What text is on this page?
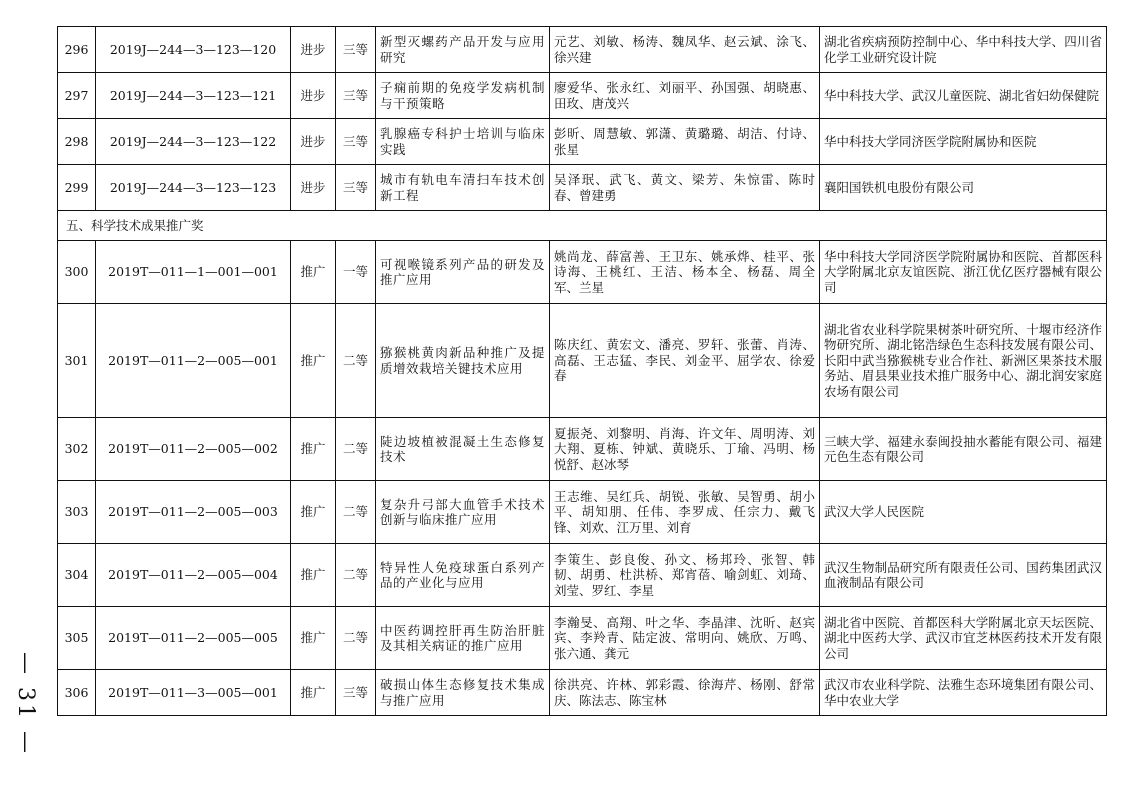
296	2019J—244—3—123—120	进步	三等	新型灭螺药产品开发与应用研究	元艺、刘敏、杨涛、魏凤华、赵云斌、涂飞、徐兴建	湖北省疾病预防控制中心、华中科技大学、四川省化学工业研究设计院
297	2019J—244—3—123—121	进步	三等	子痫前期的免疫学发病机制与干预策略	廖爱华、张永红、刘丽平、孙国强、胡晓惠、田玫、唐茂兴	华中科技大学、武汉儿童医院、湖北省妇幼保健院
298	2019J—244—3—123—122	进步	三等	乳腺癌专科护士培训与临床实践	彭昕、周慧敏、郭潇、黄璐璐、胡洁、付诗、张星	华中科技大学同济医学院附属协和医院
299	2019J—244—3—123—123	进步	三等	城市有轨电车清扫车技术创新工程	吴泽珉、武飞、黄文、梁芳、朱惊雷、陈时春、曾建勇	襄阳国铁机电股份有限公司
五、科学技术成果推广奖						
300	2019T—011—1—001—001	推广	一等	可视喉镜系列产品的研发及推广应用	姚尚龙、薛富善、王卫东、姚承烨、桂平、张诗海、王桃红、王洁、杨本全、杨磊、周全军、兰星	华中科技大学同济医学院附属协和医院、首都医科大学附属北京友谊医院、浙江优亿医疗器械有限公司
301	2019T—011—2—005—001	推广	二等	猕猴桃黄肉新品种推广及提质增效栽培关键技术应用	陈庆红、黄宏文、潘亮、罗轩、张蕾、肖涛、高磊、王志猛、李民、刘金平、屈学农、徐爱春	湖北省农业科学院果树茶叶研究所、十堰市经济作物研究所、湖北铭浩绿色生态科技发展有限公司、长阳中武当猕猴桃专业合作社、新洲区果茶技术服务站、眉县果业技术推广服务中心、湖北润安家庭农场有限公司
302	2019T—011—2—005—002	推广	二等	陡边坡植被混凝土生态修复技术	夏振尧、刘黎明、肖海、许文年、周明涛、刘大翔、夏栋、钟斌、黄晓乐、丁瑜、冯明、杨悦舒、赵冰琴	三峡大学、福建永泰闽投抽水蓄能有限公司、福建元色生态有限公司
303	2019T—011—2—005—003	推广	二等	复杂升弓部大血管手术技术创新与临床推广应用	王志维、吴红兵、胡锐、张敏、吴智勇、胡小平、胡知朋、任伟、李罗成、任宗力、戴飞锋、刘欢、江万里、刘育	武汉大学人民医院
304	2019T—011—2—005—004	推广	二等	特异性人免疫球蛋白系列产品的产业化与应用	李策生、彭良俊、孙文、杨邦玲、张智、韩韧、胡勇、杜洪桥、郑宵蓓、喻剑虹、刘琦、刘莹、罗红、李星	武汉生物制品研究所有限责任公司、国药集团武汉血液制品有限公司
305	2019T—011—2—005—005	推广	二等	中医药调控肝再生防治肝脏及其相关病证的推广应用	李瀚旻、高翔、叶之华、李晶津、沈昕、赵宾宾、李羚青、陆定波、常明向、姚欣、万鸣、张六通、龚元	湖北省中医院、首都医科大学附属北京天坛医院、湖北中医药大学、武汉市宜芝林医药技术开发有限公司
306	2019T—011—3—005—001	推广	三等	破损山体生态修复技术集成与推广应用	徐洪亮、许林、郭彩霞、徐海芹、杨刚、舒常庆、陈法志、陈宝林	武汉市农业科学院、法雅生态环境集团有限公司、华中农业大学
— 31 —
